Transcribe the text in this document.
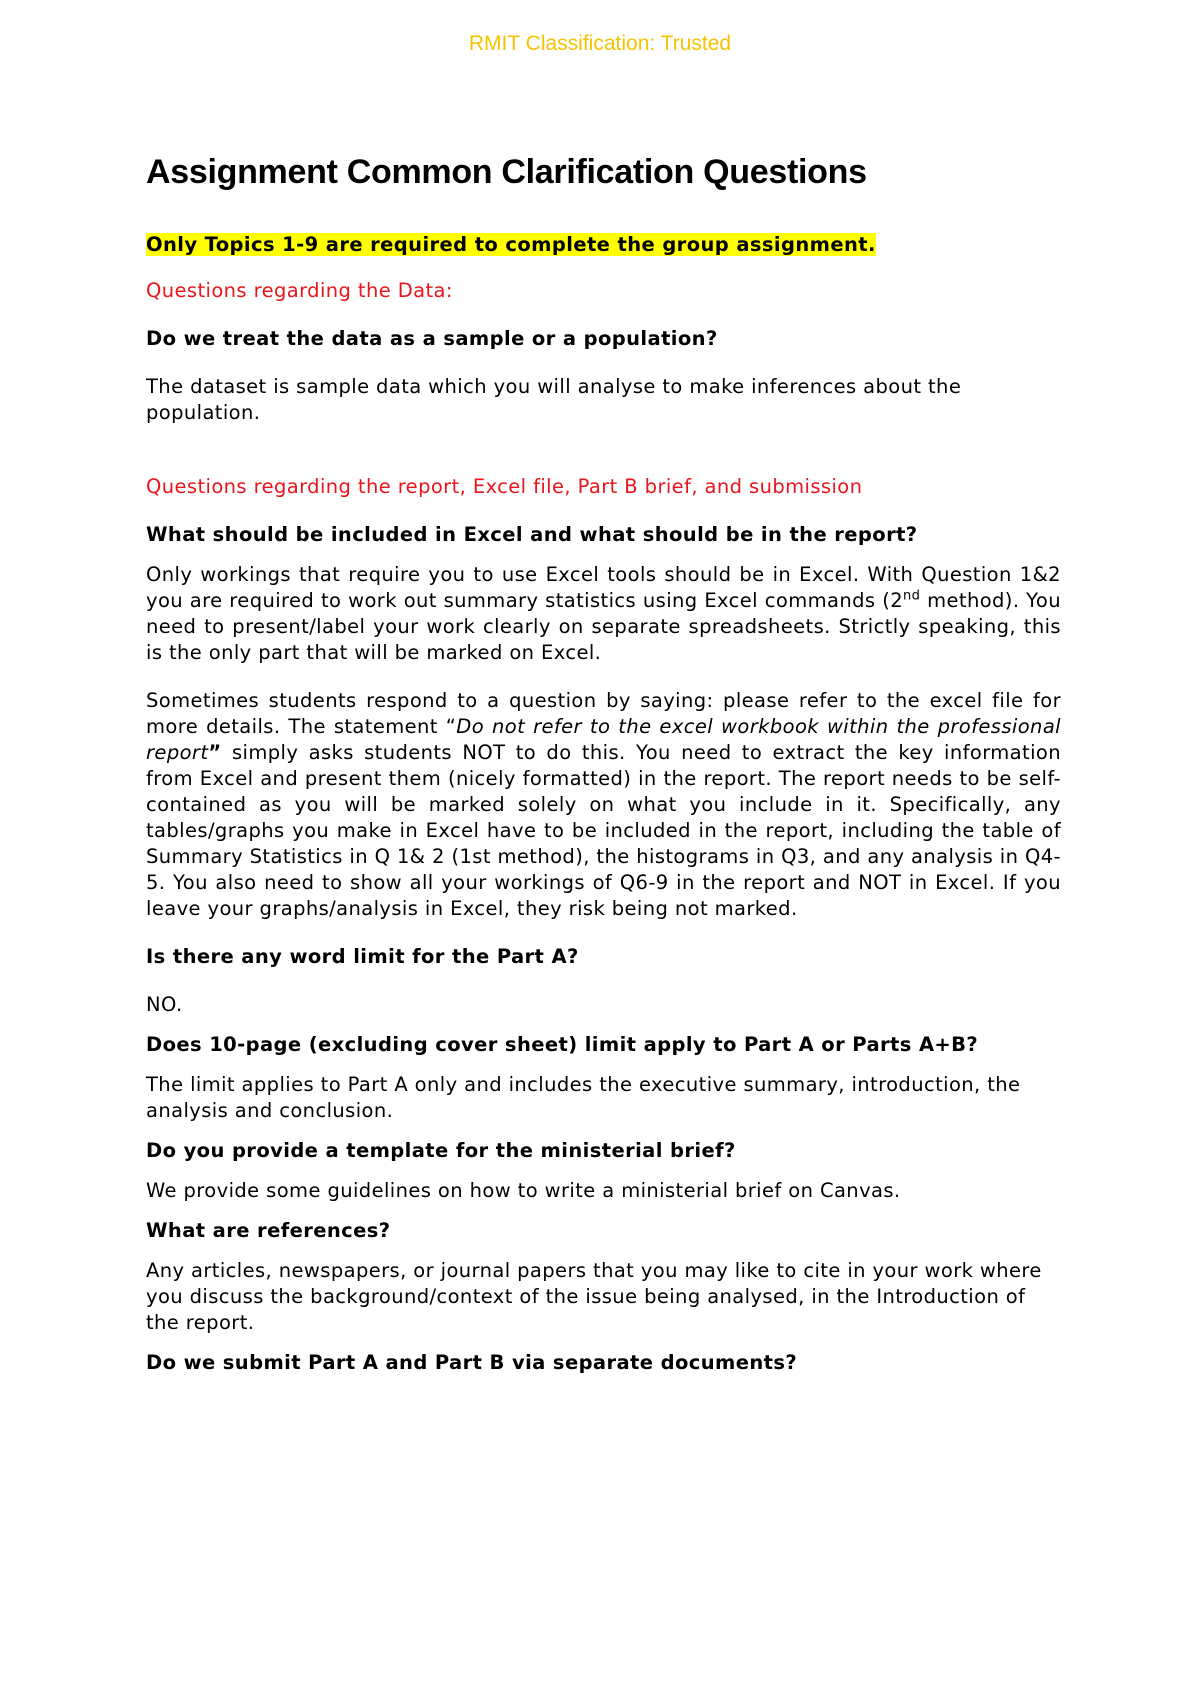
RMIT Classification: Trusted
Assignment Common Clarification Questions
Only Topics 1-9 are required to complete the group assignment.
Questions regarding the Data:
Do we treat the data as a sample or a population?
The dataset is sample data which you will analyse to make inferences about the population.
Questions regarding the report, Excel file, Part B brief, and submission
What should be included in Excel and what should be in the report?
Only workings that require you to use Excel tools should be in Excel. With Question 1&2 you are required to work out summary statistics using Excel commands (2nd method). You need to present/label your work clearly on separate spreadsheets. Strictly speaking, this is the only part that will be marked on Excel.
Sometimes students respond to a question by saying: please refer to the excel file for more details. The statement “Do not refer to the excel workbook within the professional report” simply asks students NOT to do this. You need to extract the key information from Excel and present them (nicely formatted) in the report. The report needs to be self-contained as you will be marked solely on what you include in it. Specifically, any tables/graphs you make in Excel have to be included in the report, including the table of Summary Statistics in Q 1& 2 (1st method), the histograms in Q3, and any analysis in Q4-5. You also need to show all your workings of Q6-9 in the report and NOT in Excel. If you leave your graphs/analysis in Excel, they risk being not marked.
Is there any word limit for the Part A?
NO.
Does 10-page (excluding cover sheet) limit apply to Part A or Parts A+B?
The limit applies to Part A only and includes the executive summary, introduction, the analysis and conclusion.
Do you provide a template for the ministerial brief?
We provide some guidelines on how to write a ministerial brief on Canvas.
What are references?
Any articles, newspapers, or journal papers that you may like to cite in your work where you discuss the background/context of the issue being analysed, in the Introduction of the report.
Do we submit Part A and Part B via separate documents?
